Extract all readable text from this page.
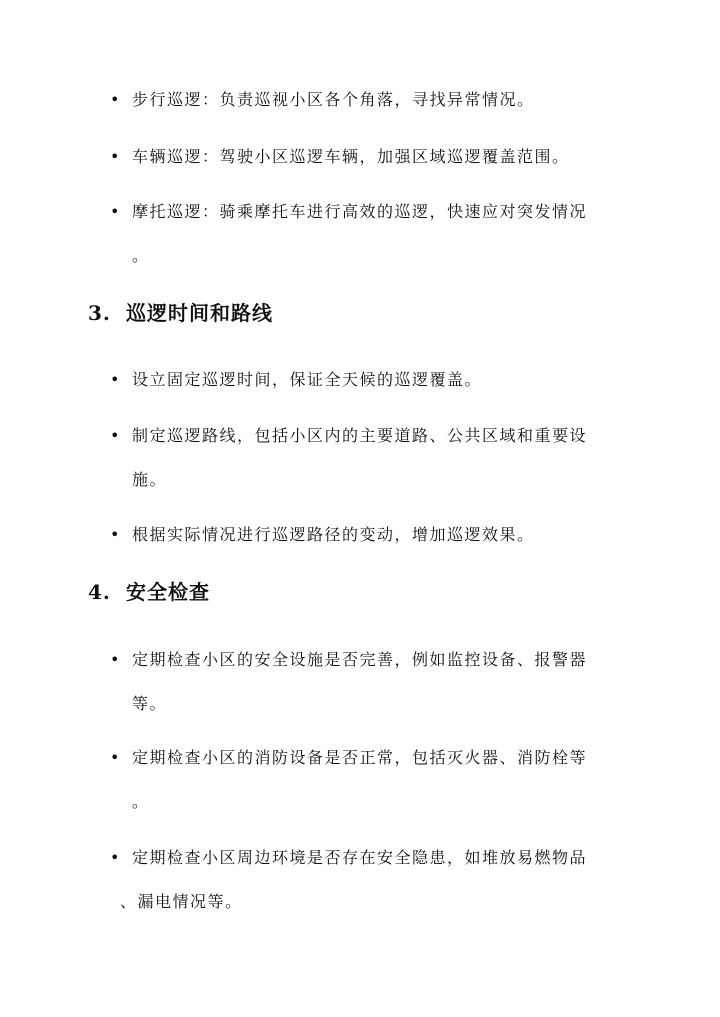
• 步行巡逻：负责巡视小区各个角落，寻找异常情况。
• 车辆巡逻：驾驶小区巡逻车辆，加强区域巡逻覆盖范围。
• 摩托巡逻：骑乘摩托车进行高效的巡逻，快速应对突发情况
。
3. 巡逻时间和路线
• 设立固定巡逻时间，保证全天候的巡逻覆盖。
• 制定巡逻路线，包括小区内的主要道路、公共区域和重要设
施。
• 根据实际情况进行巡逻路径的变动，增加巡逻效果。
4. 安全检查
• 定期检查小区的安全设施是否完善，例如监控设备、报警器
等。
• 定期检查小区的消防设备是否正常，包括灭火器、消防栓等
。
• 定期检查小区周边环境是否存在安全隐患，如堆放易燃物品
、漏电情况等。
